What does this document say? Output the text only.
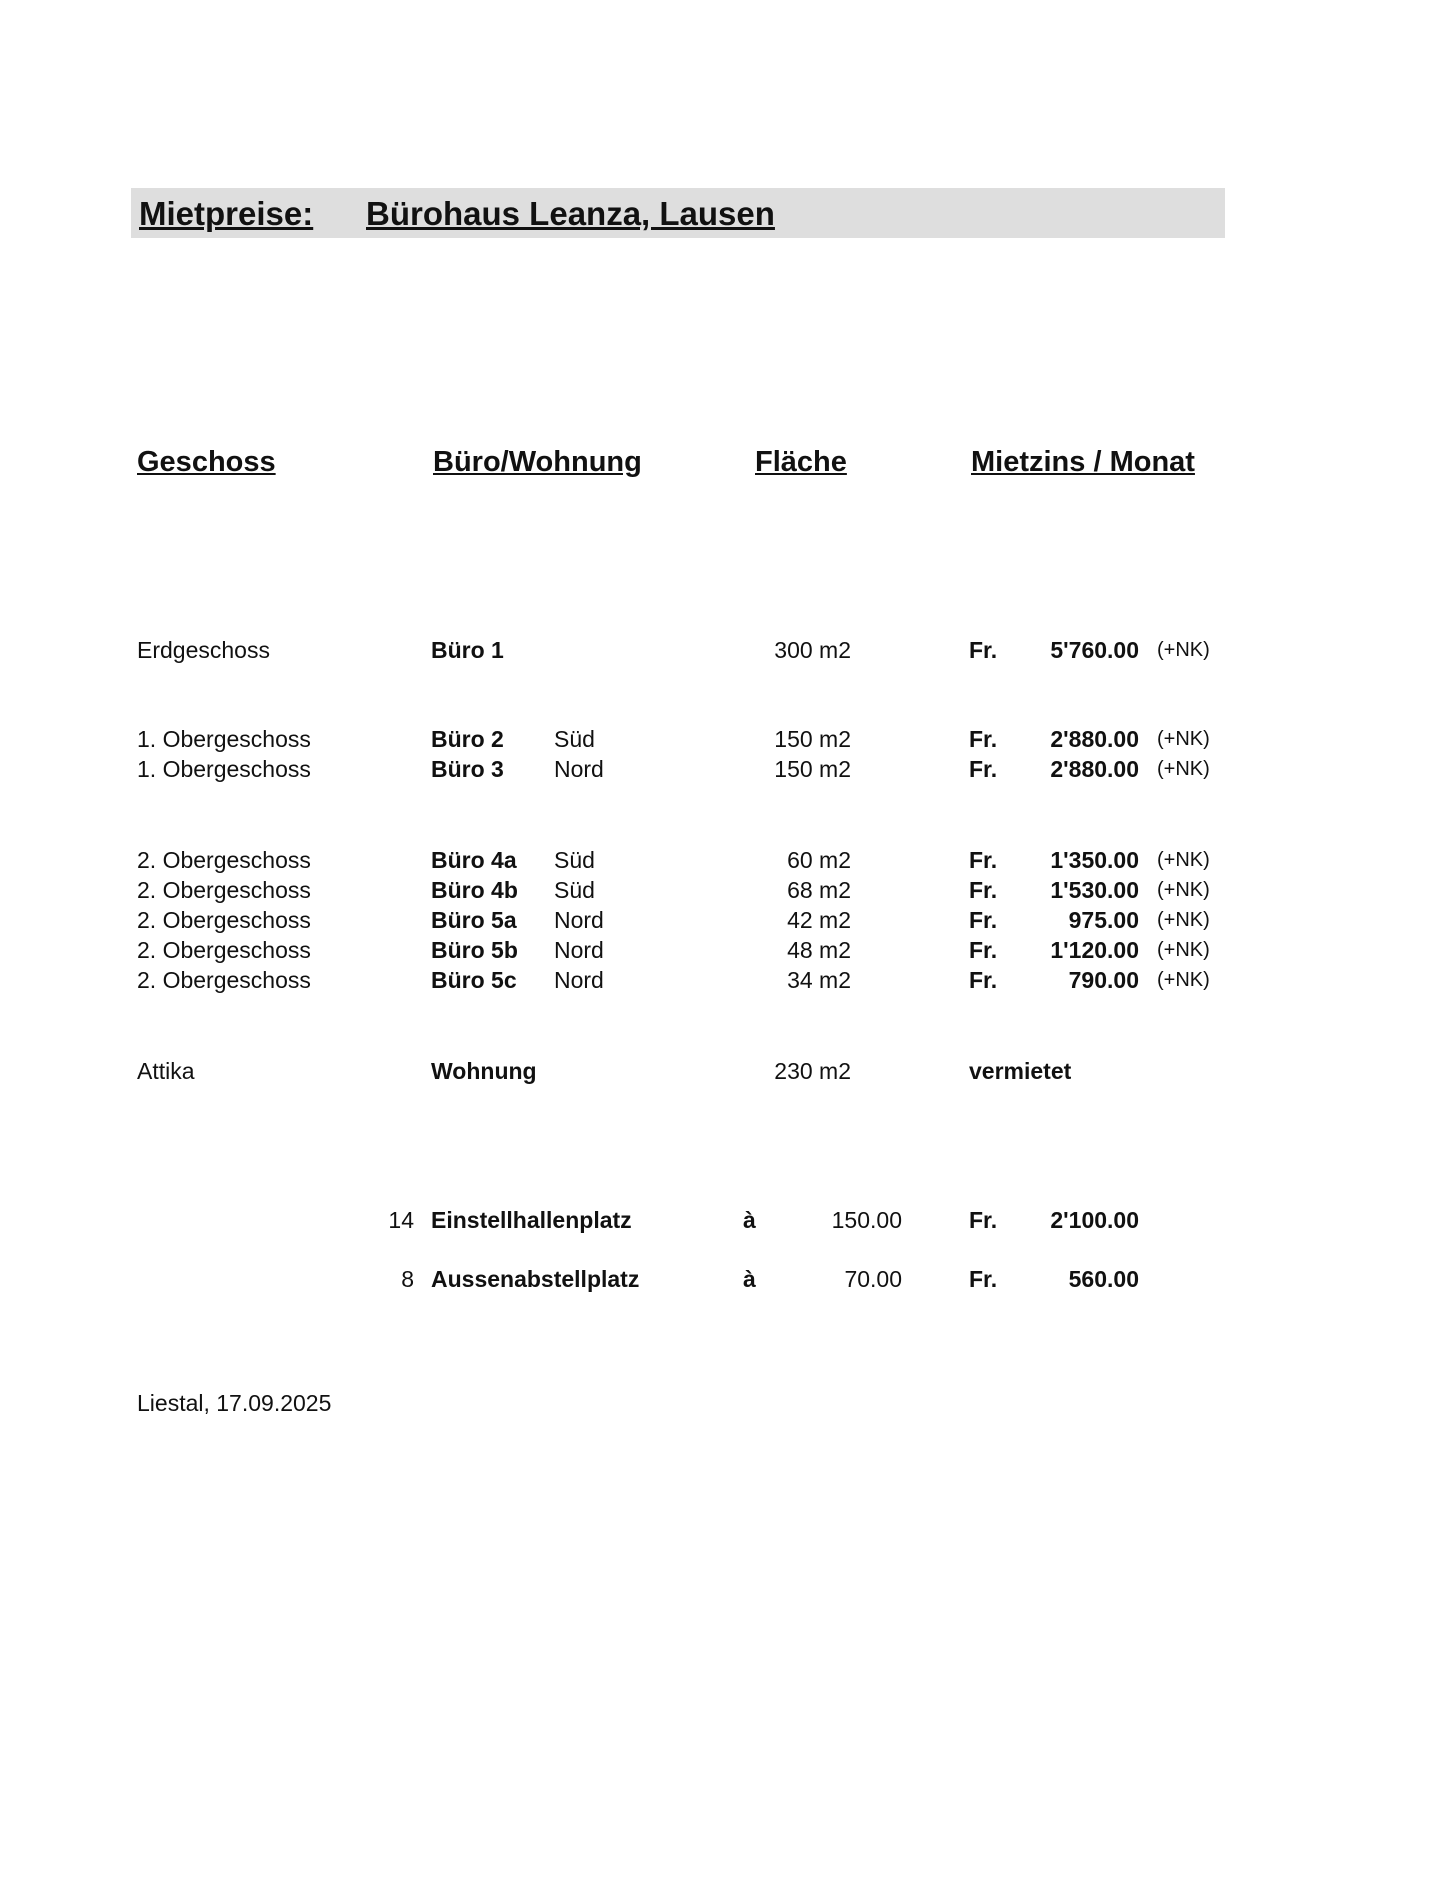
Mietpreise: Bürohaus Leanza, Lausen
Geschoss	Büro/Wohnung	Fläche	Mietzins / Monat
Erdgeschoss	Büro 1	300 m2	Fr.	5'760.00 (+NK)
1. Obergeschoss	Büro 2 Süd	150 m2	Fr.	2'880.00 (+NK)
1. Obergeschoss	Büro 3 Nord	150 m2	Fr.	2'880.00 (+NK)
2. Obergeschoss	Büro 4a Süd	60 m2	Fr.	1'350.00 (+NK)
2. Obergeschoss	Büro 4b Süd	68 m2	Fr.	1'530.00 (+NK)
2. Obergeschoss	Büro 5a Nord	42 m2	Fr.	975.00 (+NK)
2. Obergeschoss	Büro 5b Nord	48 m2	Fr.	1'120.00 (+NK)
2. Obergeschoss	Büro 5c Nord	34 m2	Fr.	790.00 (+NK)
Attika	Wohnung	230 m2	vermietet
14 Einstellhallenplatz	à	150.00	Fr.	2'100.00
8 Aussenabstellplatz	à	70.00	Fr.	560.00
Liestal, 17.09.2025
